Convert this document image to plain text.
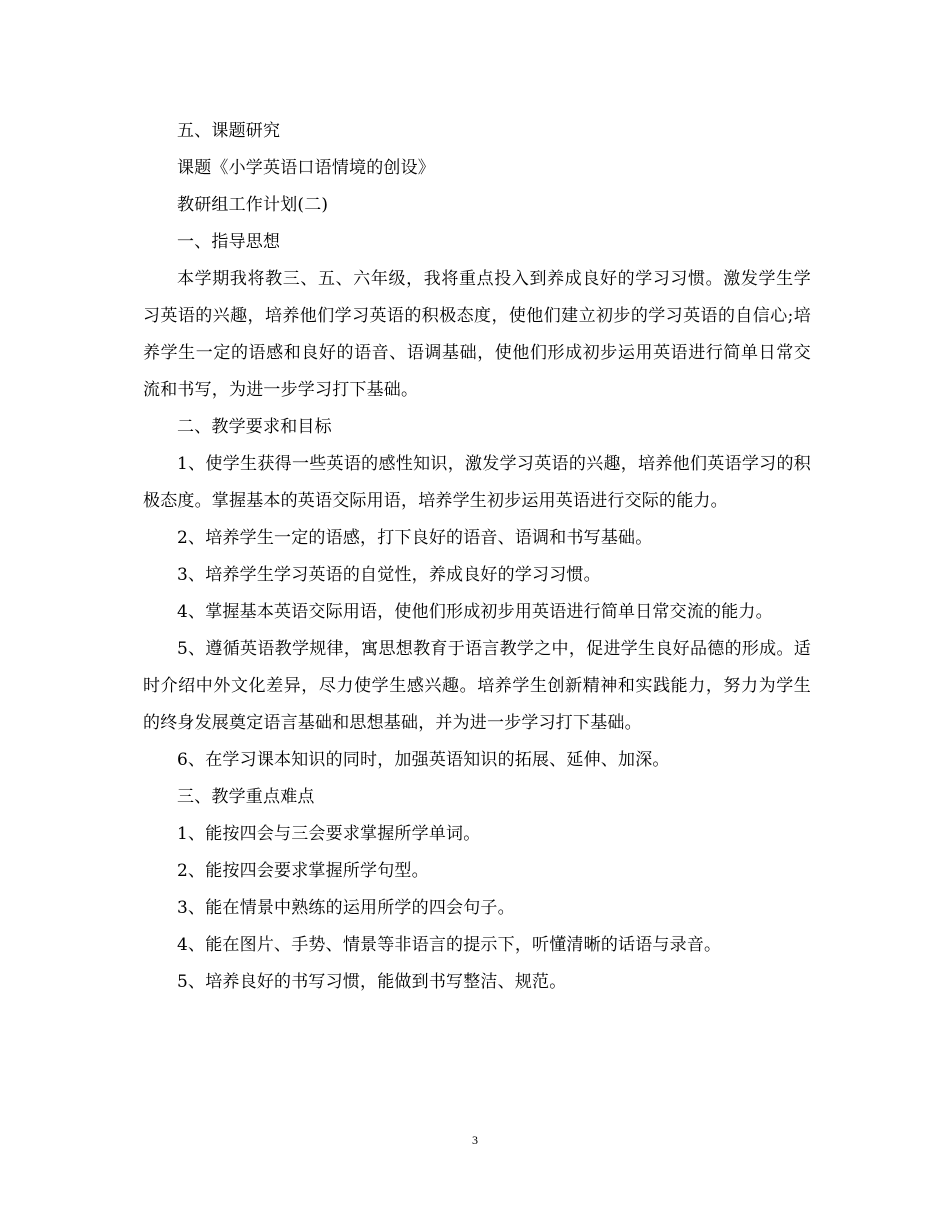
五、课题研究

课题《小学英语口语情境的创设》

教研组工作计划(二)

一、指导思想

本学期我将教三、五、六年级，我将重点投入到养成良好的学习习惯。激发学生学习英语的兴趣，培养他们学习英语的积极态度，使他们建立初步的学习英语的自信心;培养学生一定的语感和良好的语音、语调基础，使他们形成初步运用英语进行简单日常交流和书写，为进一步学习打下基础。

二、教学要求和目标

1、使学生获得一些英语的感性知识，激发学习英语的兴趣，培养他们英语学习的积极态度。掌握基本的英语交际用语，培养学生初步运用英语进行交际的能力。

2、培养学生一定的语感，打下良好的语音、语调和书写基础。

3、培养学生学习英语的自觉性，养成良好的学习习惯。

4、掌握基本英语交际用语，使他们形成初步用英语进行简单日常交流的能力。

5、遵循英语教学规律，寓思想教育于语言教学之中，促进学生良好品德的形成。适时介绍中外文化差异，尽力使学生感兴趣。培养学生创新精神和实践能力，努力为学生的终身发展奠定语言基础和思想基础，并为进一步学习打下基础。

6、在学习课本知识的同时，加强英语知识的拓展、延伸、加深。

三、教学重点难点

1、能按四会与三会要求掌握所学单词。

2、能按四会要求掌握所学句型。

3、能在情景中熟练的运用所学的四会句子。

4、能在图片、手势、情景等非语言的提示下，听懂清晰的话语与录音。

5、培养良好的书写习惯，能做到书写整洁、规范。

3
